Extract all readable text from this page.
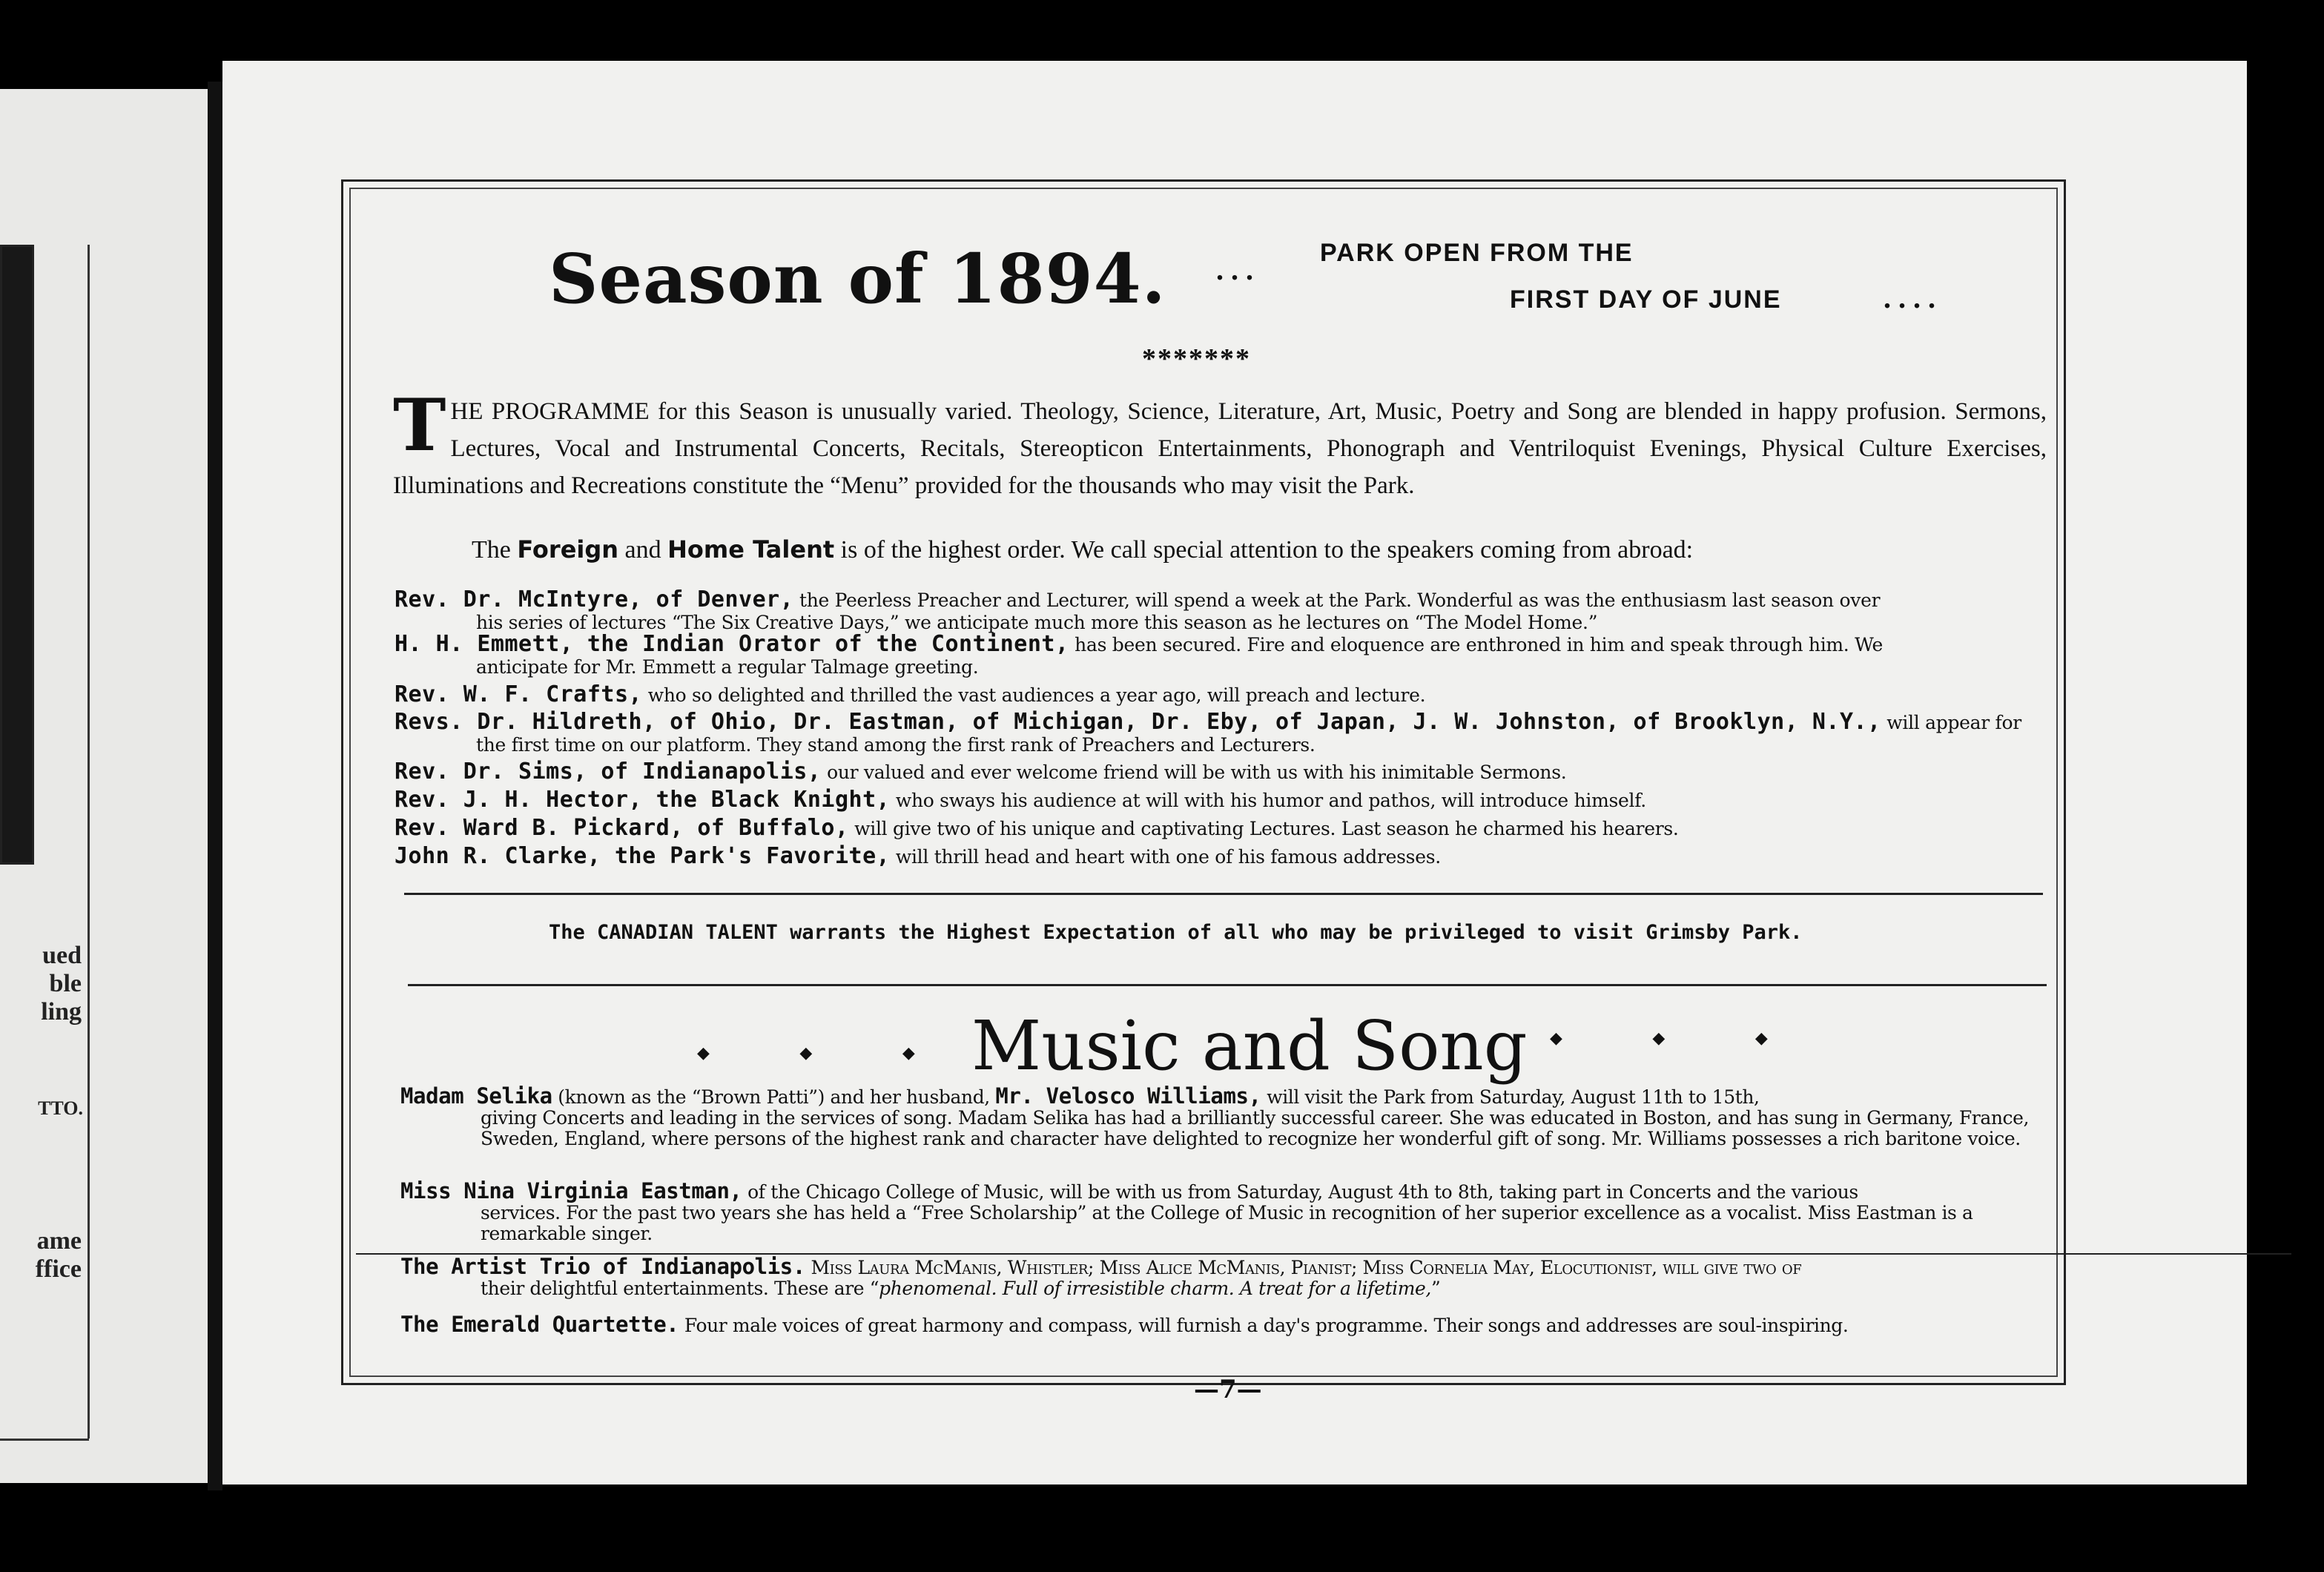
ued
ble
ling
TTO.
ame
ffice
Season of 1894. . . .	PARK OPEN FROM THE
FIRST DAY OF JUNE	. . . .
*******
THE PROGRAMME for this Season is unusually varied. Theology, Science, Literature, Art, Music, Poetry and Song are blended in happy profusion. Sermons, Lectures, Vocal and Instrumental Concerts, Recitals, Stereopticon Entertainments, Phonograph and Ventriloquist Evenings, Physical Culture Exercises, Illuminations and Recreations constitute the “Menu” provided for the thousands who may visit the Park.
The Foreign and Home Talent is of the highest order. We call special attention to the speakers coming from abroad:
Rev. Dr. McIntyre, of Denver, the Peerless Preacher and Lecturer, will spend a week at the Park. Wonderful as was the enthusiasm last season over
his series of lectures “The Six Creative Days,” we anticipate much more this season as he lectures on “The Model Home.”
H. H. Emmett, the Indian Orator of the Continent, has been secured. Fire and eloquence are enthroned in him and speak through him. We
anticipate for Mr. Emmett a regular Talmage greeting.
Rev. W. F. Crafts, who so delighted and thrilled the vast audiences a year ago, will preach and lecture.
Revs. Dr. Hildreth, of Ohio, Dr. Eastman, of Michigan, Dr. Eby, of Japan, J. W. Johnston, of Brooklyn, N.Y., will appear for
the first time on our platform. They stand among the first rank of Preachers and Lecturers.
Rev. Dr. Sims, of Indianapolis, our valued and ever welcome friend will be with us with his inimitable Sermons.
Rev. J. H. Hector, the Black Knight, who sways his audience at will with his humor and pathos, will introduce himself.
Rev. Ward B. Pickard, of Buffalo, will give two of his unique and captivating Lectures. Last season he charmed his hearers.
John R. Clarke, the Park's Favorite, will thrill head and heart with one of his famous addresses.
The CANADIAN TALENT warrants the Highest Expectation of all who may be privileged to visit Grimsby Park.
◆ ◆ ◆ Music and Song ◆ ◆ ◆
Madam Selika (known as the “Brown Patti”) and her husband, Mr. Velosco Williams, will visit the Park from Saturday, August 11th to 15th,
giving Concerts and leading in the services of song. Madam Selika has had a brilliantly successful career. She was educated in Boston, and has sung in Germany, France, Sweden, England, where persons of the highest rank and character have delighted to recognize her wonderful gift of song. Mr. Williams possesses a rich baritone voice.
Miss Nina Virginia Eastman, of the Chicago College of Music, will be with us from Saturday, August 4th to 8th, taking part in Concerts and the various
services. For the past two years she has held a “Free Scholarship” at the College of Music in recognition of her superior excellence as a vocalist. Miss Eastman is a remarkable singer.
The Artist Trio of Indianapolis. Miss Laura McManis, Whistler; Miss Alice McManis, Pianist; Miss Cornelia May, Elocutionist, will give two of
their delightful entertainments. These are “phenomenal. Full of irresistible charm. A treat for a lifetime,”
The Emerald Quartette. Four male voices of great harmony and compass, will furnish a day's programme. Their songs and addresses are soul-inspiring.
—7—
